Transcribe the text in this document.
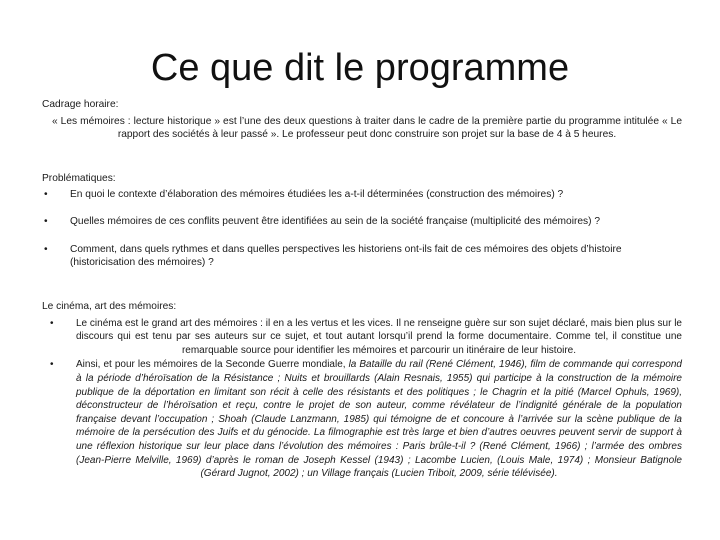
Ce que dit le programme
Cadrage horaire:
« Les mémoires : lecture historique » est l’une des deux questions à traiter dans le cadre de la première partie du programme intitulée « Le rapport des sociétés à leur passé ». Le professeur peut donc construire son projet sur la base de 4 à 5 heures.
Problématiques:
• En quoi le contexte d’élaboration des mémoires étudiées les a-t-il déterminées (construction des mémoires) ?
• Quelles mémoires de ces conflits peuvent être identifiées au sein de la société française (multiplicité des mémoires) ?
• Comment, dans quels rythmes et dans quelles perspectives les historiens ont-ils fait de ces mémoires des objets d’histoire (historicisation des mémoires) ?
Le cinéma, art des mémoires:
• Le cinéma est le grand art des mémoires : il en a les vertus et les vices. Il ne renseigne guère sur son sujet déclaré, mais bien plus sur le discours qui est tenu par ses auteurs sur ce sujet, et tout autant lorsqu’il prend la forme documentaire. Comme tel, il constitue une remarquable source pour identifier les mémoires et parcourir un itinéraire de leur histoire.
• Ainsi, et pour les mémoires de la Seconde Guerre mondiale, la Bataille du rail (René Clément, 1946), film de commande qui correspond à la période d’héroïsation de la Résistance ; Nuits et brouillards (Alain Resnais, 1955) qui participe à la construction de la mémoire publique de la déportation en limitant son récit à celle des résistants et des politiques ; le Chagrin et la pitié (Marcel Ophuls, 1969), déconstructeur de l’héroïsation et reçu, contre le projet de son auteur, comme révélateur de l’indignité générale de la population française devant l’occupation ; Shoah (Claude Lanzmann, 1985) qui témoigne de et concoure à l’arrivée sur la scène publique de la mémoire de la persécution des Juifs et du génocide. La filmographie est très large et bien d’autres oeuvres peuvent servir de support à une réflexion historique sur leur place dans l’évolution des mémoires : Paris brûle-t-il ? (René Clément, 1966) ; l’armée des ombres (Jean-Pierre Melville, 1969) d’après le roman de Joseph Kessel (1943) ; Lacombe Lucien, (Louis Male, 1974) ; Monsieur Batignole (Gérard Jugnot, 2002) ; un Village français (Lucien Triboit, 2009, série télévisée).
